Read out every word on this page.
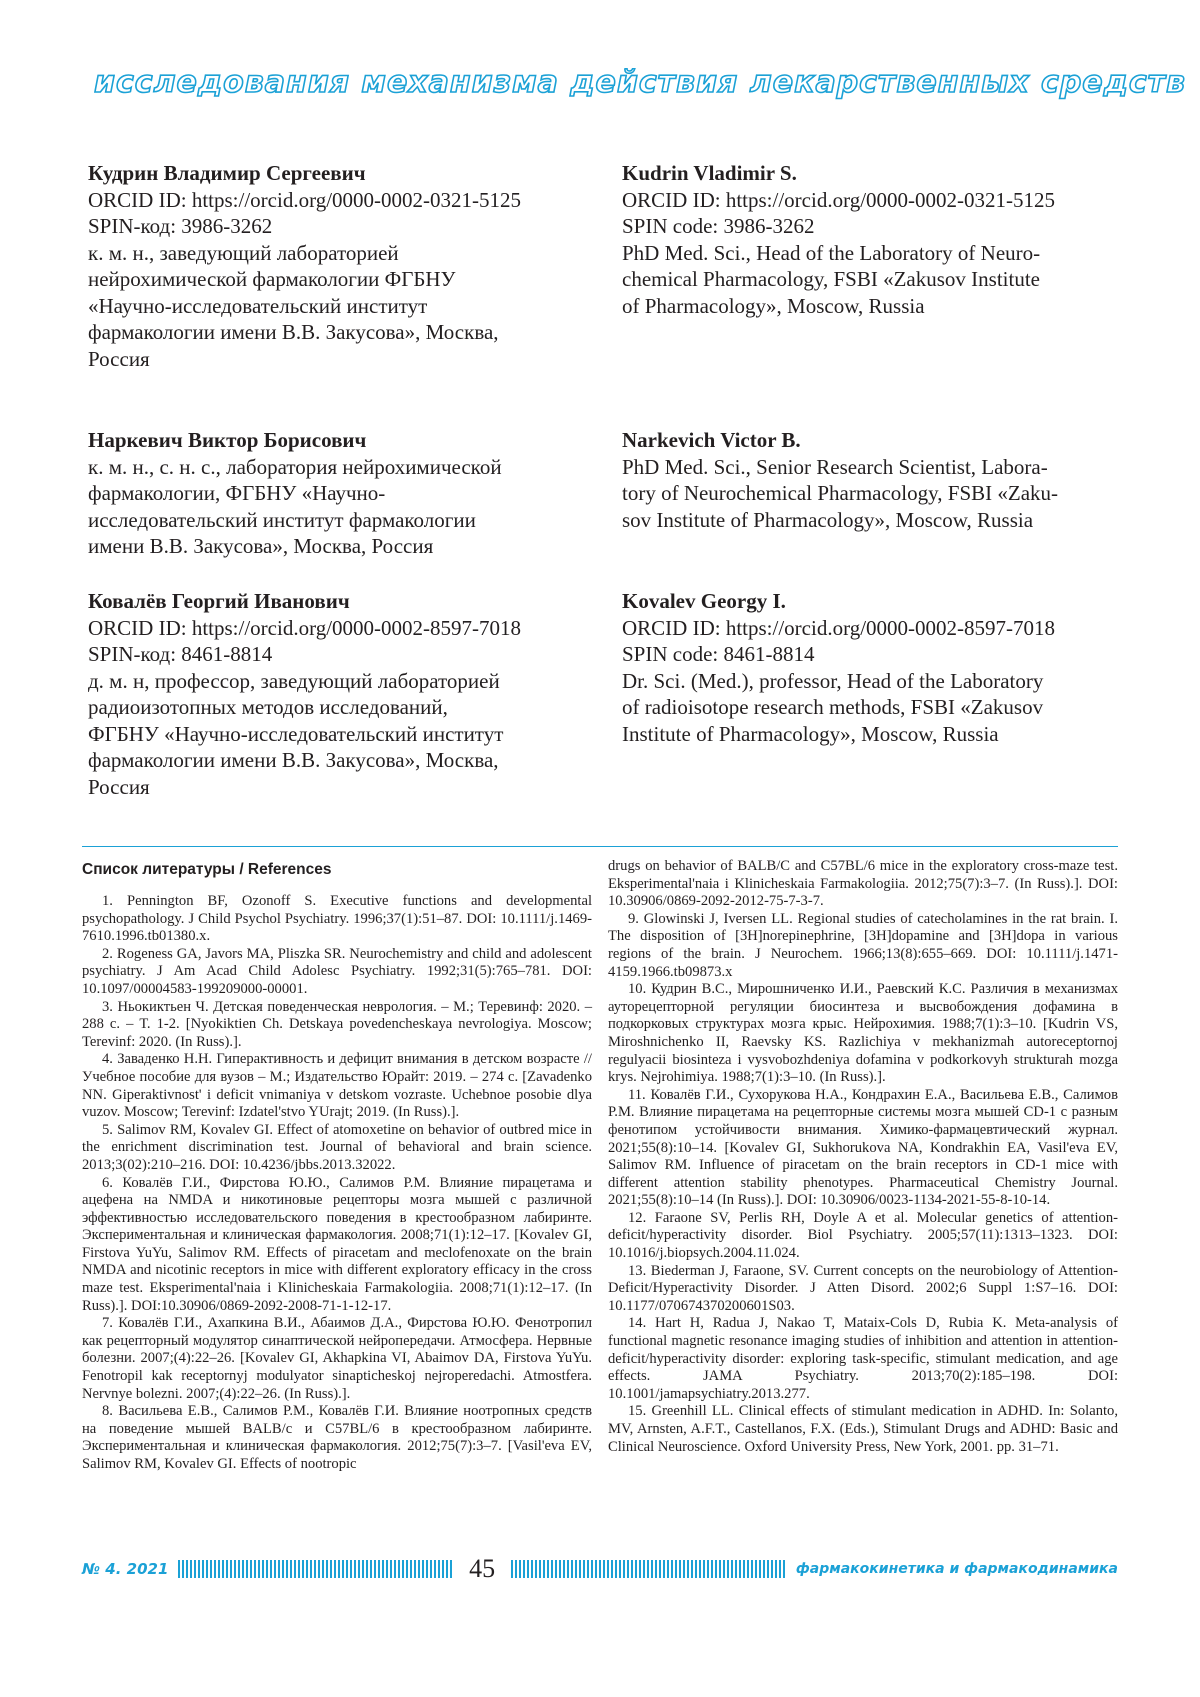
исследования механизма действия лекарственных средств
Кудрин Владимир Сергеевич
ORCID ID: https://orcid.org/0000-0002-0321-5125
SPIN-код: 3986-3262
к. м. н., заведующий лабораторией
нейрохимической фармакологии ФГБНУ
«Научно-исследовательский институт
фармакологии имени В.В. Закусова», Москва,
Россия
Наркевич Виктор Борисович
к. м. н., с. н. с., лаборатория нейрохимической
фармакологии, ФГБНУ «Научно-
исследовательский институт фармакологии
имени В.В. Закусова», Москва, Россия
Ковалёв Георгий Иванович
ORCID ID: https://orcid.org/0000-0002-8597-7018
SPIN-код: 8461-8814
д. м. н, профессор, заведующий лабораторией
радиоизотопных методов исследований,
ФГБНУ «Научно-исследовательский институт
фармакологии имени В.В. Закусова», Москва,
Россия
Kudrin Vladimir S.
ORCID ID: https://orcid.org/0000-0002-0321-5125
SPIN code: 3986-3262
PhD Med. Sci., Head of the Laboratory of Neuro-
chemical Pharmacology, FSBI «Zakusov Institute
of Pharmacology», Moscow, Russia
Narkevich Victor B.
PhD Med. Sci., Senior Research Scientist, Labora-
tory of Neurochemical Pharmacology, FSBI «Zaku-
sov Institute of Pharmacology», Moscow, Russia
Kovalev Georgy I.
ORCID ID: https://orcid.org/0000-0002-8597-7018
SPIN code: 8461-8814
Dr. Sci. (Med.), professor, Head of the Laboratory
of radioisotope research methods, FSBI «Zakusov
Institute of Pharmacology», Moscow, Russia
Список литературы / References

1. Pennington BF, Ozonoff S. Executive functions and developmental psychopathology. J Child Psychol Psychiatry. 1996;37(1):51–87. DOI: 10.1111/j.1469-7610.1996.tb01380.x.

2. Rogeness GA, Javors MA, Pliszka SR. Neurochemistry and child and adolescent psychiatry. J Am Acad Child Adolesc Psychiatry. 1992;31(5):765–781. DOI: 10.1097/00004583-199209000-00001.

3. Ньокиктьен Ч. Детская поведенческая неврология. – М.; Теревинф: 2020. – 288 с. – Т. 1-2. [Nyokiktien Ch. Detskaya povedencheskaya nevrologiya. Moscow; Terevinf: 2020. (In Russ).].

4. Заваденко Н.Н. Гиперактивность и дефицит внимания в детском возрасте // Учебное пособие для вузов – М.; Издательство Юрайт: 2019. – 274 с. [Zavadenko NN. Giperaktivnost' i deficit vnimaniya v detskom vozraste. Uchebnoe posobie dlya vuzov. Moscow; Terevinf: Izdatel'stvo YUrajt; 2019. (In Russ).].

5. Salimov RM, Kovalev GI. Effect of atomoxetine on behavior of outbred mice in the enrichment discrimination test. Journal of behavioral and brain science. 2013;3(02):210–216. DOI: 10.4236/jbbs.2013.32022.

6. Ковалёв Г.И., Фирстова Ю.Ю., Салимов Р.М. Влияние пирацетама и ацефена на NMDA и никотиновые рецепторы мозга мышей с различной эффективностью исследовательского поведения в крестообразном лабиринте. Экспериментальная и клиническая фармакология. 2008;71(1):12–17. [Kovalev GI, Firstova YuYu, Salimov RM. Effects of piracetam and meclofenoxate on the brain NMDA and nicotinic receptors in mice with different exploratory efficacy in the cross maze test. Eksperimental'naia i Klinicheskaia Farmakologiia. 2008;71(1):12–17. (In Russ).]. DOI:10.30906/0869-2092-2008-71-1-12-17.

7. Ковалёв Г.И., Ахапкина В.И., Абаимов Д.А., Фирстова Ю.Ю. Фенотропил как рецепторный модулятор синаптической нейропередачи. Атмосфера. Нервные болезни. 2007;(4):22–26. [Kovalev GI, Akhapkina VI, Abaimov DA, Firstova YuYu. Fenotropil kak receptornyj modulyator sinapticheskoj nejroperedachi. Atmostfera. Nervnye bolezni. 2007;(4):22–26. (In Russ).].

8. Васильева Е.В., Салимов Р.М., Ковалёв Г.И. Влияние ноотропных средств на поведение мышей BALB/c и C57BL/6 в крестообразном лабиринте. Экспериментальная и клиническая фармакология. 2012;75(7):3–7. [Vasil'eva EV, Salimov RM, Kovalev GI. Effects of nootropic

drugs on behavior of BALB/C and C57BL/6 mice in the exploratory cross-maze test. Eksperimental'naia i Klinicheskaia Farmakologiia. 2012;75(7):3–7. (In Russ).]. DOI: 10.30906/0869-2092-2012-75-7-3-7.

9. Glowinski J, Iversen LL. Regional studies of catecholamines in the rat brain. I. The disposition of [3H]norepinephrine, [3H]dopamine and [3H]dopa in various regions of the brain. J Neurochem. 1966;13(8):655–669. DOI: 10.1111/j.1471-4159.1966.tb09873.x

10. Кудрин В.С., Мирошниченко И.И., Раевский К.С. Различия в механизмах ауторецепторной регуляции биосинтеза и высвобождения дофамина в подкорковых структурах мозга крыс. Нейрохимия. 1988;7(1):3–10. [Kudrin VS, Miroshnichenko II, Raevsky KS. Razlichiya v mekhanizmah autoreceptornoj regulyacii biosinteza i vysvobozhdeniya dofamina v podkorkovyh strukturah mozga krys. Nejrohimiya. 1988;7(1):3–10. (In Russ).].

11. Ковалёв Г.И., Сухорукова Н.А., Кондрахин Е.А., Васильева Е.В., Салимов Р.М. Влияние пирацетама на рецепторные системы мозга мышей CD-1 с разным фенотипом устойчивости внимания. Химико-фармацевтический журнал. 2021;55(8):10–14. [Kovalev GI, Sukhorukova NA, Kondrakhin EA, Vasil'eva EV, Salimov RM. Influence of piracetam on the brain receptors in CD-1 mice with different attention stability phenotypes. Pharmaceutical Chemistry Journal. 2021;55(8):10–14 (In Russ).]. DOI: 10.30906/0023-1134-2021-55-8-10-14.

12. Faraone SV, Perlis RH, Doyle A et al. Molecular genetics of attention-deficit/hyperactivity disorder. Biol Psychiatry. 2005;57(11):1313–1323. DOI: 10.1016/j.biopsych.2004.11.024.

13. Biederman J, Faraone, SV. Current concepts on the neurobiology of Attention-Deficit/Hyperactivity Disorder. J Atten Disord. 2002;6 Suppl 1:S7–16. DOI: 10.1177/070674370200601S03.

14. Hart H, Radua J, Nakao T, Mataix-Cols D, Rubia K. Meta-analysis of functional magnetic resonance imaging studies of inhibition and attention in attention-deficit/hyperactivity disorder: exploring task-specific, stimulant medication, and age effects. JAMA Psychiatry. 2013;70(2):185–198. DOI: 10.1001/jamapsychiatry.2013.277.

15. Greenhill LL. Clinical effects of stimulant medication in ADHD. In: Solanto, MV, Arnsten, A.F.T., Castellanos, F.X. (Eds.), Stimulant Drugs and ADHD: Basic and Clinical Neuroscience. Oxford University Press, New York, 2001. pp. 31–71.

№ 4. 2021	45	фармакокинетика и фармакодинамика
